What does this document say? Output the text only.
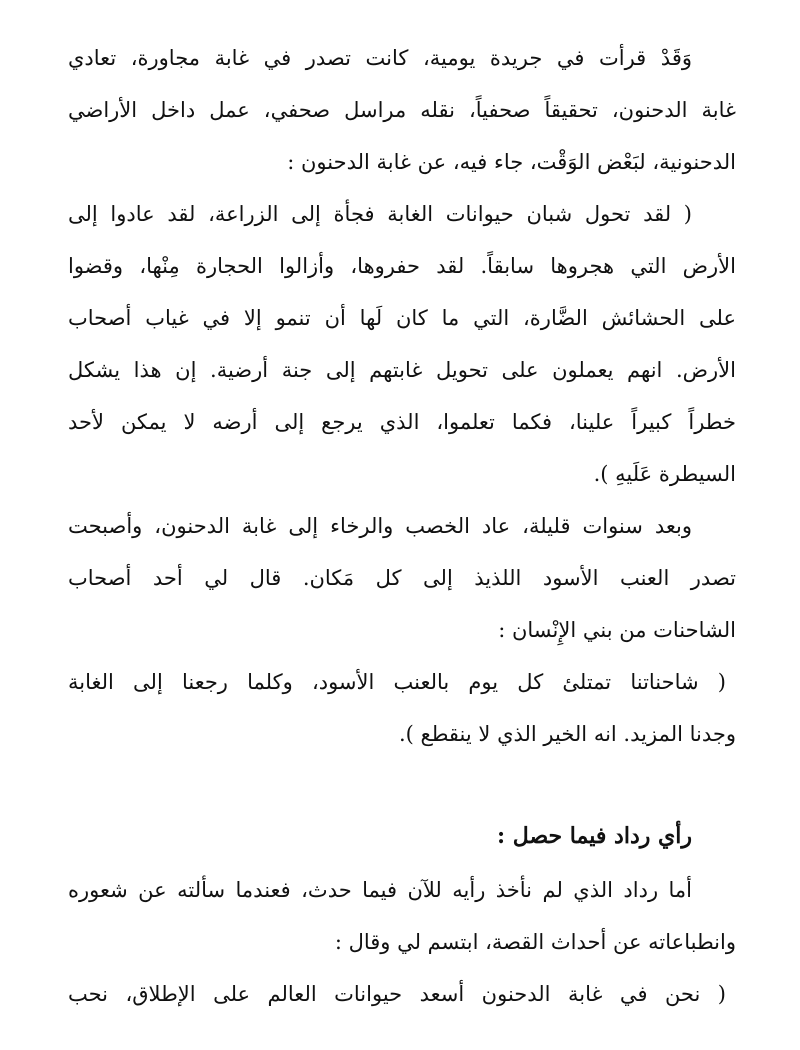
وَقَدْ قرأت في جريدة يومية، كانت تصدر في غابة مجاورة، تعادي
غابة الدحنون، تحقيقاً صحفياً، نقله مراسل صحفي، عمل داخل الأراضي
الدحنونية، لبَعْض الوَقْت، جاء فيه، عن غابة الدحنون :
( لقد تحول شبان حيوانات الغابة فجأة إلى الزراعة، لقد عادوا إلى
الأرض التي هجروها سابقاً. لقد حفروها، وأزالوا الحجارة مِنْها، وقضوا
على الحشائش الضَّارة، التي ما كان لَها أن تنمو إلا في غياب أصحاب
الأرض. انهم يعملون على تحويل غابتهم إلى جنة أرضية. إن هذا يشكل
خطراً كبيراً علينا، فكما تعلموا، الذي يرجع إلى أرضه لا يمكن لأحد
السيطرة عَلَيهِ ).
وبعد سنوات قليلة، عاد الخصب والرخاء إلى غابة الدحنون، وأصبحت
تصدر العنب الأسود اللذيذ إلى كل مَكان. قال لي أحد أصحاب
الشاحنات من بني الإِنْسان :
( شاحناتنا تمتلئ كل يوم بالعنب الأسود، وكلما رجعنا إلى الغابة
وجدنا المزيد. انه الخير الذي لا ينقطع ).
رأي رداد فيما حصل :
أما رداد الذي لم نأخذ رأيه للآن فيما حدث، فعندما سألته عن شعوره
وانطباعاته عن أحداث القصة، ابتسم لي وقال :
( نحن في غابة الدحنون أسعد حيوانات العالم على الإطلاق، نحب
